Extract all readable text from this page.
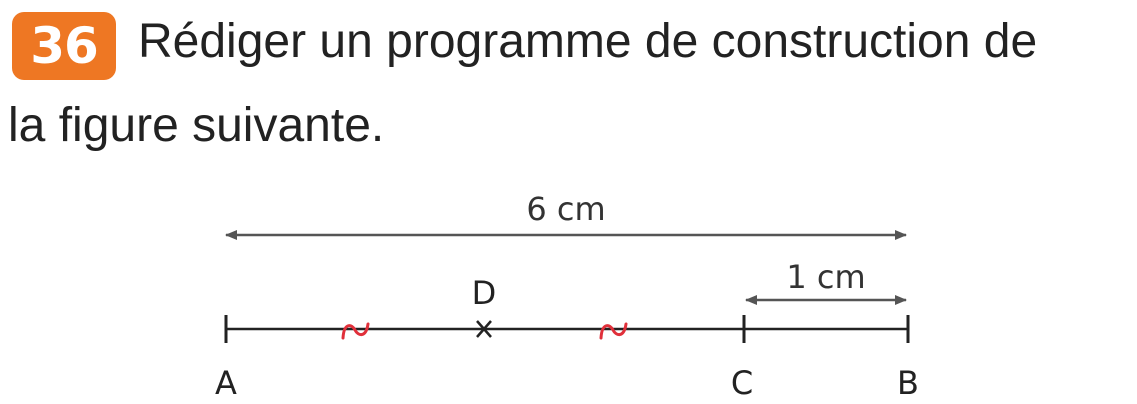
36 Rédiger un programme de construction de
la figure suivante.
6 cm
1 cm
A	C	B
D
